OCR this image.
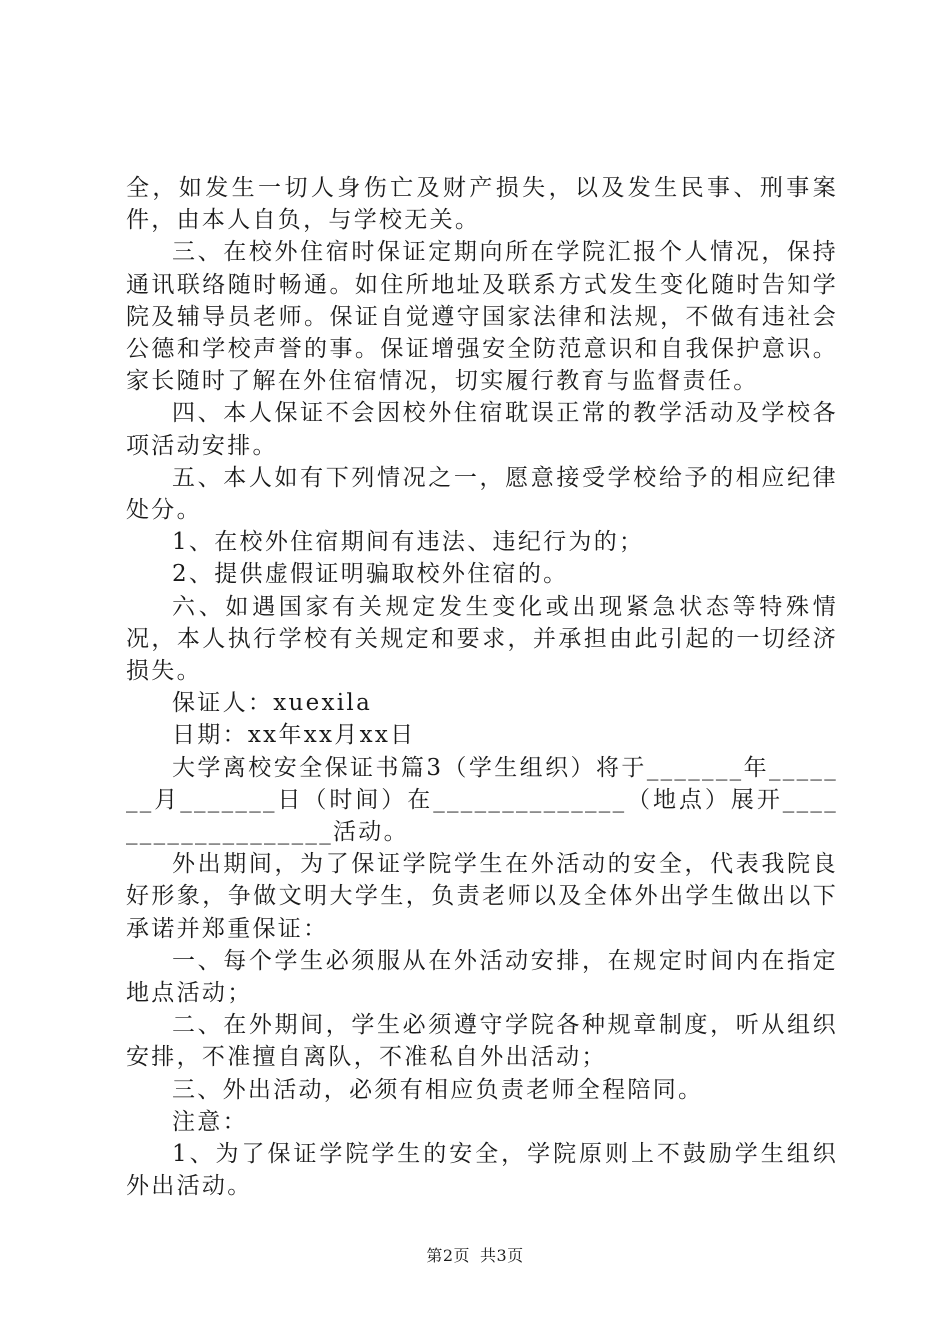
全，如发生一切人身伤亡及财产损失，以及发生民事、刑事案件，由本人自负，与学校无关。

三、在校外住宿时保证定期向所在学院汇报个人情况，保持通讯联络随时畅通。如住所地址及联系方式发生变化随时告知学院及辅导员老师。保证自觉遵守国家法律和法规，不做有违社会公德和学校声誉的事。保证增强安全防范意识和自我保护意识。家长随时了解在外住宿情况，切实履行教育与监督责任。

四、本人保证不会因校外住宿耽误正常的教学活动及学校各项活动安排。

五、本人如有下列情况之一，愿意接受学校给予的相应纪律处分。

1、在校外住宿期间有违法、违纪行为的；

2、提供虚假证明骗取校外住宿的。

六、如遇国家有关规定发生变化或出现紧急状态等特殊情况，本人执行学校有关规定和要求，并承担由此引起的一切经济损失。

保证人：xuexila

日期：xx年xx月xx日

大学离校安全保证书篇3（学生组织）将于_______年_______月_______日（时间）在______________（地点）展开___________________活动。

外出期间，为了保证学院学生在外活动的安全，代表我院良好形象，争做文明大学生，负责老师以及全体外出学生做出以下承诺并郑重保证：

一、每个学生必须服从在外活动安排，在规定时间内在指定地点活动；

二、在外期间，学生必须遵守学院各种规章制度，听从组织安排，不准擅自离队，不准私自外出活动；

三、外出活动，必须有相应负责老师全程陪同。

注意：

1、为了保证学院学生的安全，学院原则上不鼓励学生组织外出活动。

第2页 共3页
